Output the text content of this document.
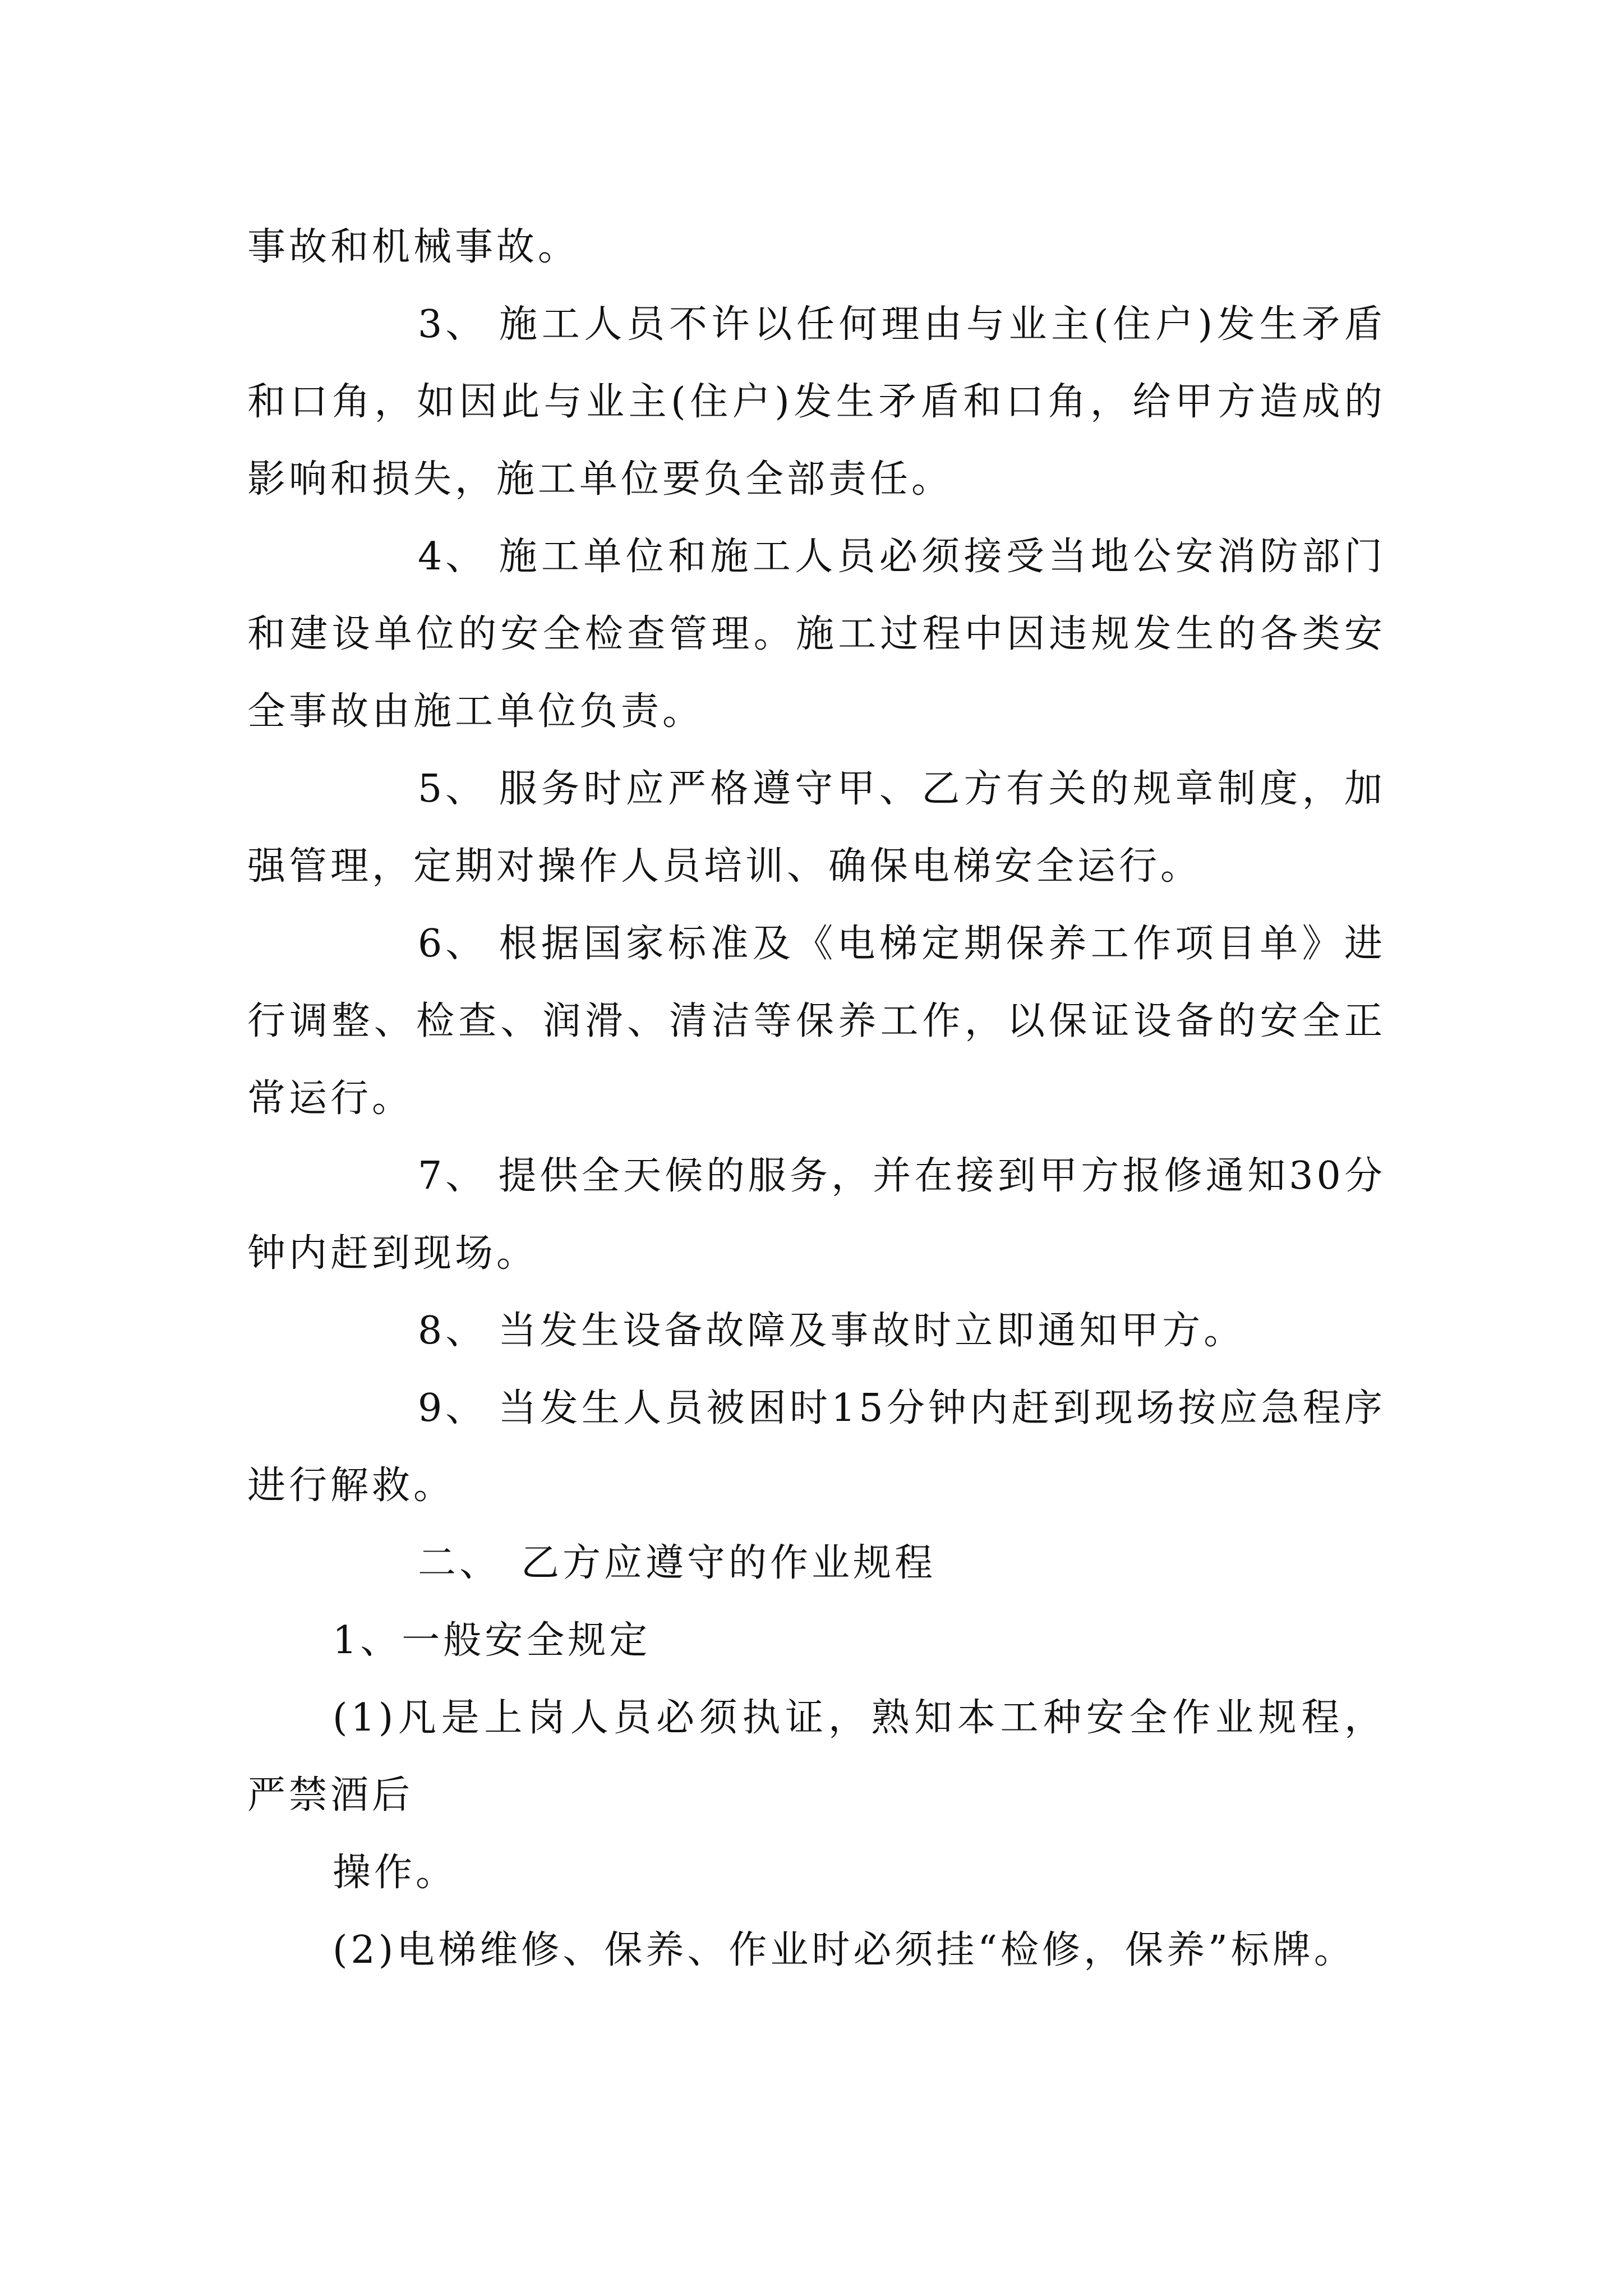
事故和机械事故。

3、 施工人员不许以任何理由与业主(住户)发生矛盾和口角，如因此与业主(住户)发生矛盾和口角，给甲方造成的影响和损失，施工单位要负全部责任。

4、 施工单位和施工人员必须接受当地公安消防部门和建设单位的安全检查管理。施工过程中因违规发生的各类安全事故由施工单位负责。

5、 服务时应严格遵守甲、乙方有关的规章制度，加强管理，定期对操作人员培训、确保电梯安全运行。

6、 根据国家标准及《电梯定期保养工作项目单》进行调整、检查、润滑、清洁等保养工作，以保证设备的安全正常运行。

7、 提供全天候的服务，并在接到甲方报修通知30分钟内赶到现场。

8、 当发生设备故障及事故时立即通知甲方。

9、 当发生人员被困时15分钟内赶到现场按应急程序进行解救。

二、 乙方应遵守的作业规程

1、一般安全规定

(1)凡是上岗人员必须执证，熟知本工种安全作业规程，严禁酒后

操作。

(2)电梯维修、保养、作业时必须挂“检修，保养”标牌。
